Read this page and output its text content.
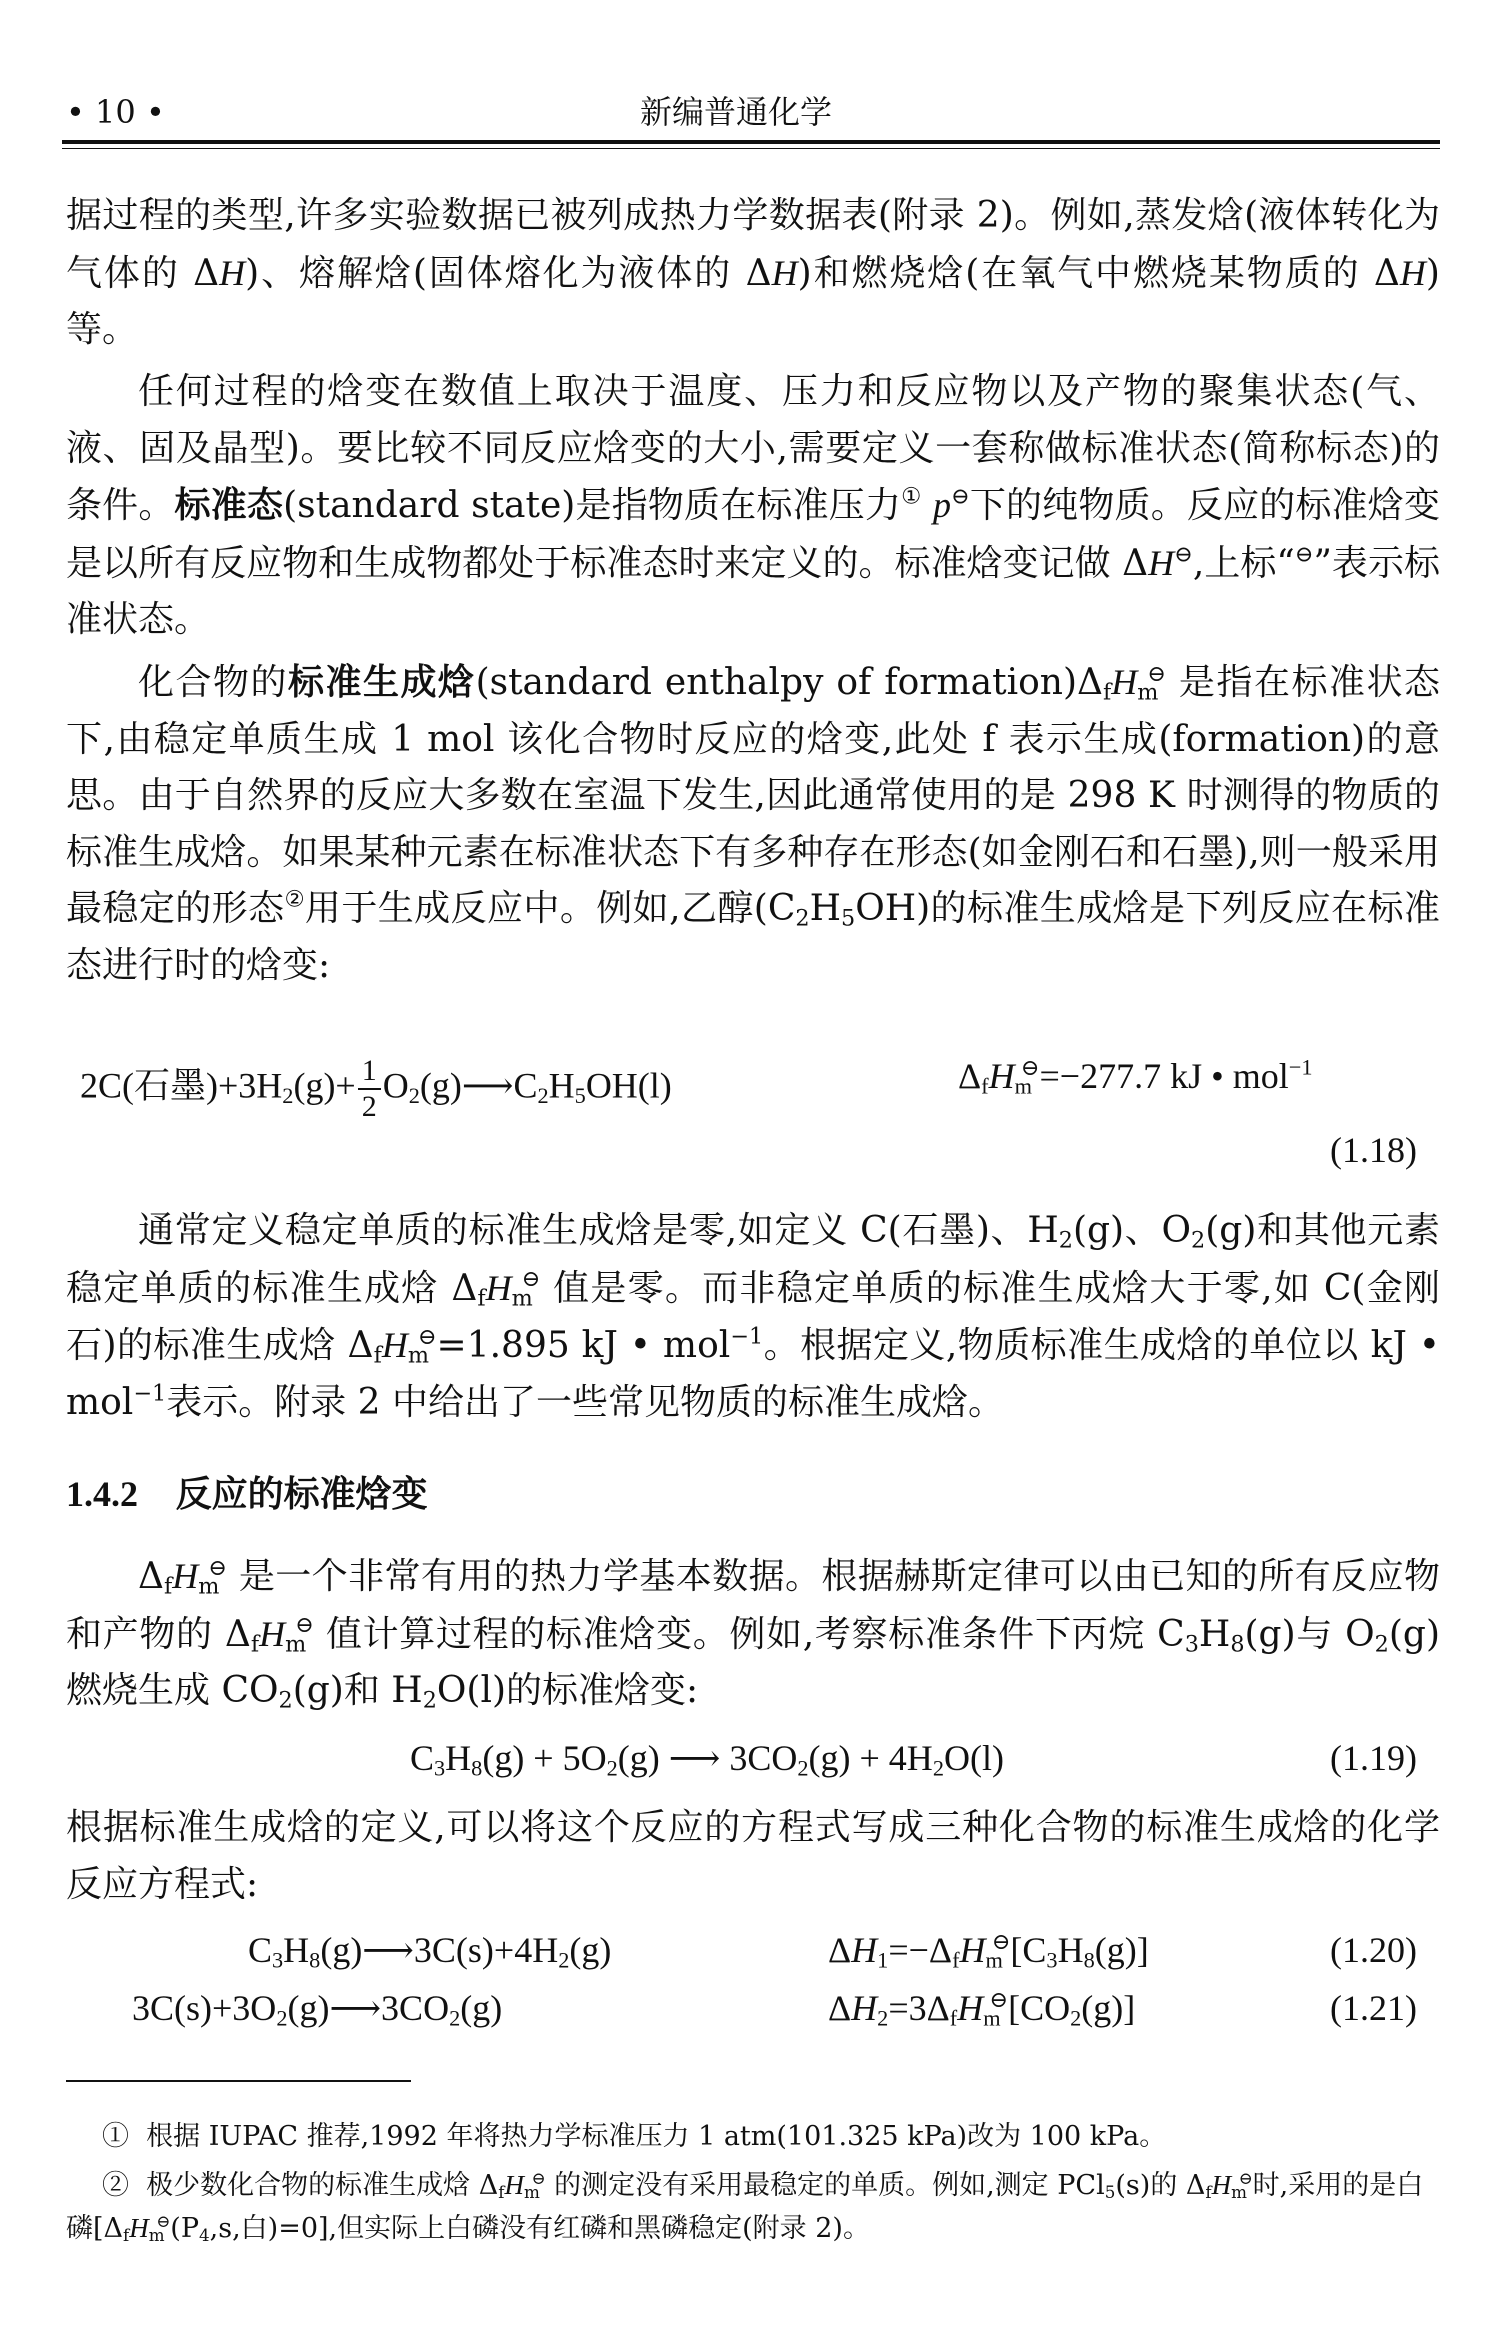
• 10 •	新编普通化学
据过程的类型,许多实验数据已被列成热力学数据表(附录 2)。例如,蒸发焓(液体转化为气体的 ΔH)、熔解焓(固体熔化为液体的 ΔH)和燃烧焓(在氧气中燃烧某物质的 ΔH)等。
任何过程的焓变在数值上取决于温度、压力和反应物以及产物的聚集状态(气、液、固及晶型)。要比较不同反应焓变的大小,需要定义一套称做标准状态(简称标态)的条件。标准态(standard state)是指物质在标准压力① p⊖下的纯物质。反应的标准焓变是以所有反应物和生成物都处于标准态时来定义的。标准焓变记做 ΔH⊖,上标“⊖”表示标准状态。
化合物的标准生成焓(standard enthalpy of formation)ΔfHm⊖ 是指在标准状态下,由稳定单质生成 1 mol 该化合物时反应的焓变,此处 f 表示生成(formation)的意思。由于自然界的反应大多数在室温下发生,因此通常使用的是 298 K 时测得的物质的标准生成焓。如果某种元素在标准状态下有多种存在形态(如金刚石和石墨),则一般采用最稳定的形态②用于生成反应中。例如,乙醇(C2H5OH)的标准生成焓是下列反应在标准态进行时的焓变:
2C(石墨)$+3H2(g)+ \frac{1}{2}$ O2(g)⟶C2H5OH(l)	ΔfHm⊖=−277.7 kJ • mol$^{-1}$
(1.18)
通常定义稳定单质的标准生成焓是零,如定义 C(石墨)、H2(g)、O2(g)和其他元素稳定单质的标准生成焓 ΔfHm⊖ 值是零。而非稳定单质的标准生成焓大于零,如 C(金刚石)的标准生成焓 ΔfHm⊖=1.895 kJ • mol$^{-1}$。根据定义,物质标准生成焓的单位以 kJ • mol$^{-1}$表示。附录 2 中给出了一些常见物质的标准生成焓。
1.4.2 反应的标准焓变
ΔfHm⊖ 是一个非常有用的热力学基本数据。根据赫斯定律可以由已知的所有反应物和产物的 ΔfHm⊖ 值计算过程的标准焓变。例如,考察标准条件下丙烷 C3H8(g)与 O2(g)燃烧生成 CO2(g)和 H2O(l)的标准焓变:
C3H8(g) + 5O2(g) ⟶ 3CO2(g) + 4H2O(l)	(1.19)
根据标准生成焓的定义,可以将这个反应的方程式写成三种化合物的标准生成焓的化学反应方程式:
C3H8(g)⟶3C(s)+4H2(g)	ΔH1=−ΔfHm⊖[C3H8(g)]	(1.20)
3C(s)+3O2(g)⟶3CO2(g)	ΔH2=3ΔfHm⊖[CO2(g)]	(1.21)
① 根据 IUPAC 推荐,1992 年将热力学标准压力 1 atm(101.325 kPa)改为 100 kPa。
② 极少数化合物的标准生成焓 ΔfHm⊖ 的测定没有采用最稳定的单质。例如,测定 PCl5(s)的 ΔfHm⊖时,采用的是白磷[ΔfHm⊖(P4,s,白)=0],但实际上白磷没有红磷和黑磷稳定(附录 2)。
